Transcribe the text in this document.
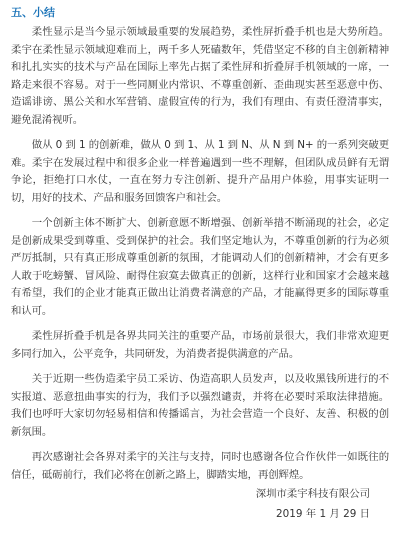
五、小结

柔性显示是当今显示领域最重要的发展趋势，柔性屏折叠手机也是大势所趋。柔宇在柔性显示领域迎难而上，两千多人死磕数年，凭借坚定不移的自主创新精神和扎扎实实的技术与产品在国际上率先占据了柔性屏和折叠屏手机领域的一席，一路走来很不容易。对于一些同厕业内常识、不尊重创新、歪曲现实甚至恶意中伤、造谣诽谤、黑公关和水军营销、虚假宣传的行为，我们有理由、有责任澄清事实，避免混淆视听。

做从 0 到 1 的创新难，做从 0 到 1、从 1 到 N、从 N 到 N+ 的一系列突破更难。柔宇在发展过程中和很多企业一样普遍遇到一些不理解，但团队成员鲜有无谓争论，拒绝打口水仗，一直在努力专注创新、提升产品用户体验，用事实证明一切，用好的技术、产品和服务回馈客户和社会。

一个创新主体不断扩大、创新意愿不断增强、创新举措不断涌现的社会，必定是创新成果受到尊重、受到保护的社会。我们坚定地认为，不尊重创新的行为必须严厉抵制，只有真正形成尊重创新的氛围，才能调动人们的创新精神，才会有更多人敢于吃螃蟹、冒风险、耐得住寂寞去做真正的创新，这样行业和国家才会越来越有希望，我们的企业才能真正做出让消费者满意的产品，才能赢得更多的国际尊重和认可。

柔性屏折叠手机是各界共同关注的重要产品，市场前景很大，我们非常欢迎更多同行加入，公平竞争，共同研发，为消费者提供满意的产品。

关于近期一些伪造柔宇员工采访、伪造高职人员发声，以及收黑钱所进行的不实报道、恶意扭曲事实的行为，我们予以强烈谴责，并将在必要时采取法律措施。我们也呼吁大家切勿轻易相信和传播谣言，为社会营造一个良好、友善、积极的创新氛围。

再次感谢社会各界对柔宇的关注与支持，同时也感谢各位合作伙伴一如既往的信任，砥砺前行，我们必将在创新之路上，脚踏实地，再创辉煌。

深圳市柔宇科技有限公司
2019 年 1 月 29 日
